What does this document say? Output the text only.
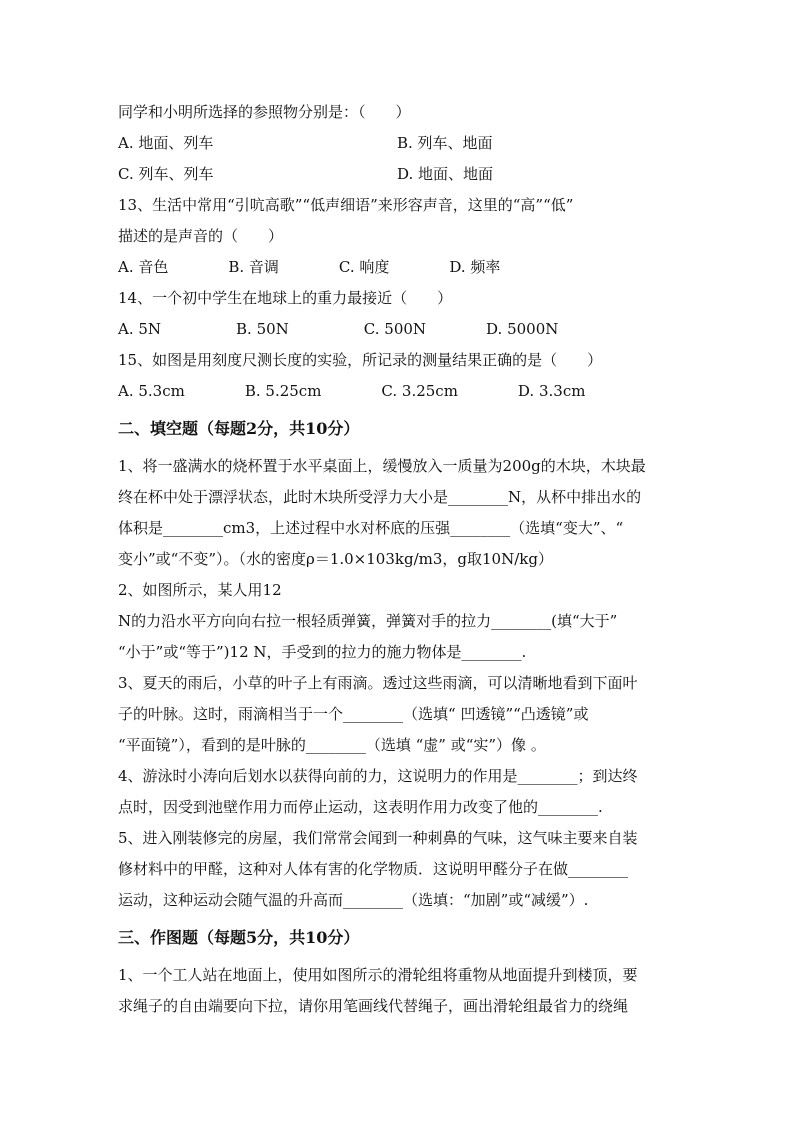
同学和小明所选择的参照物分别是：（　　）
A. 地面、列车	B. 列车、地面
C. 列车、列车	D. 地面、地面
13、生活中常用“引吭高歌”“低声细语”来形容声音，这里的“高”“低”
描述的是声音的（　　）
A. 音色　　　　B. 音调　　　　C. 响度　　　　D. 频率
14、一个初中学生在地球上的重力最接近（　　）
A. 5N　　　　　B. 50N　　　　　C. 500N　　　　D. 5000N
15、如图是用刻度尺测长度的实验，所记录的测量结果正确的是（　　）
A. 5.3cm　　　　B. 5.25cm　　　　C. 3.25cm　　　　D. 3.3cm
二、填空题（每题2分，共10分）
1、将一盛满水的烧杯置于水平桌面上，缓慢放入一质量为200g的木块，木块最
终在杯中处于漂浮状态，此时木块所受浮力大小是________N，从杯中排出水的
体积是________cm3，上述过程中水对杯底的压强________（选填“变大”、“
变小”或“不变”）。（水的密度ρ＝1.0×103kg/m3，g取10N/kg）
2、如图所示，某人用12
N的力沿水平方向向右拉一根轻质弹簧，弹簧对手的拉力________(填“大于”
“小于”或“等于”)12 N，手受到的拉力的施力物体是________.
3、夏天的雨后，小草的叶子上有雨滴。透过这些雨滴，可以清晰地看到下面叶
子的叶脉。这时，雨滴相当于一个________（选填“ 凹透镜”“凸透镜”或
“平面镜”），看到的是叶脉的________（选填 “虚” 或“实”）像 。
4、游泳时小涛向后划水以获得向前的力，这说明力的作用是________；到达终
点时，因受到池壁作用力而停止运动，这表明作用力改变了他的________.
5、进入刚装修完的房屋，我们常常会闻到一种刺鼻的气味，这气味主要来自装
修材料中的甲醛，这种对人体有害的化学物质．这说明甲醛分子在做________
运动，这种运动会随气温的升高而________（选填：“加剧”或“减缓”）.
三、作图题（每题5分，共10分）
1、一个工人站在地面上，使用如图所示的滑轮组将重物从地面提升到楼顶，要
求绳子的自由端要向下拉，请你用笔画线代替绳子，画出滑轮组最省力的绕绳
